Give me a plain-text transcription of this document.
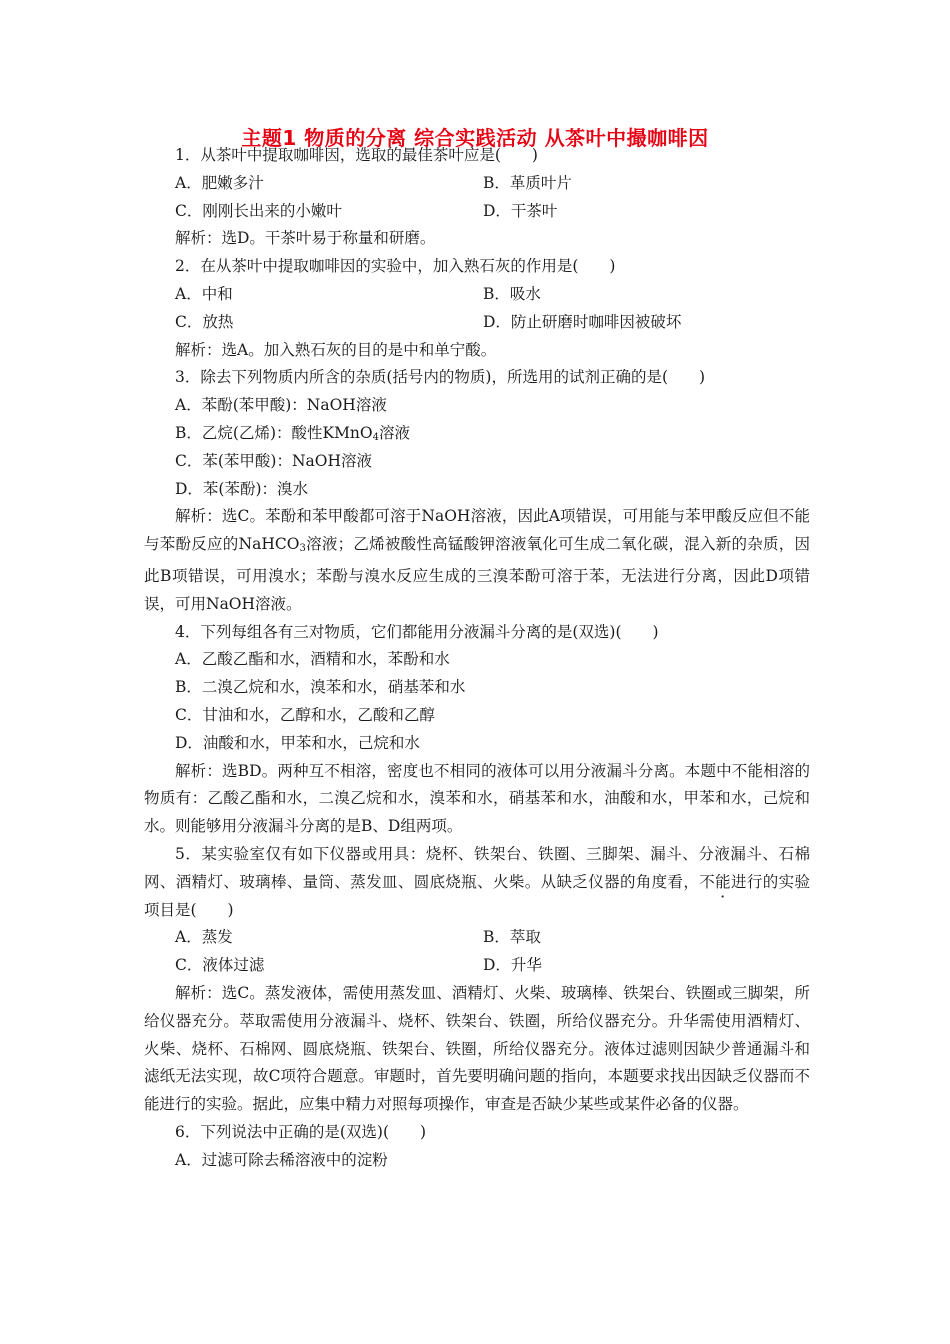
主题1 物质的分离 综合实践活动 从茶叶中撮咖啡因
1．从茶叶中提取咖啡因，选取的最佳茶叶应是(　　)
A．肥嫩多汁	B．革质叶片
C．刚刚长出来的小嫩叶	D．干茶叶
解析：选D。干茶叶易于称量和研磨。
2．在从茶叶中提取咖啡因的实验中，加入熟石灰的作用是(　　)
A．中和	B．吸水
C．放热	D．防止研磨时咖啡因被破坏
解析：选A。加入熟石灰的目的是中和单宁酸。
3．除去下列物质内所含的杂质(括号内的物质)，所选用的试剂正确的是(　　)
A．苯酚(苯甲酸)：NaOH溶液
B．乙烷(乙烯)：酸性KMnO$_4$溶液
C．苯(苯甲酸)：NaOH溶液
D．苯(苯酚)：溴水
解析：选C。苯酚和苯甲酸都可溶于NaOH溶液，因此A项错误，可用能与苯甲酸反应但不能与苯酚反应的NaHCO$_3$溶液；乙烯被酸性高锰酸钾溶液氧化可生成二氧化碳，混入新的杂质，因此B项错误，可用溴水；苯酚与溴水反应生成的三溴苯酚可溶于苯，无法进行分离，因此D项错误，可用NaOH溶液。
4．下列每组各有三对物质，它们都能用分液漏斗分离的是(双选)(　　)
A．乙酸乙酯和水，酒精和水，苯酚和水
B．二溴乙烷和水，溴苯和水，硝基苯和水
C．甘油和水，乙醇和水，乙酸和乙醇
D．油酸和水，甲苯和水，己烷和水
解析：选BD。两种互不相溶，密度也不相同的液体可以用分液漏斗分离。本题中不能相溶的物质有：乙酸乙酯和水，二溴乙烷和水，溴苯和水，硝基苯和水，油酸和水，甲苯和水，己烷和水。则能够用分液漏斗分离的是B、D组两项。
5．某实验室仅有如下仪器或用具：烧杯、铁架台、铁圈、三脚架、漏斗、分液漏斗、石棉网、酒精灯、玻璃棒、量筒、蒸发皿、圆底烧瓶、火柴。从缺乏仪器的角度看，不能进行的实验项目是(　　)
A．蒸发	B．萃取
C．液体过滤	D．升华
解析：选C。蒸发液体，需使用蒸发皿、酒精灯、火柴、玻璃棒、铁架台、铁圈或三脚架，所给仪器充分。萃取需使用分液漏斗、烧杯、铁架台、铁圈，所给仪器充分。升华需使用酒精灯、火柴、烧杯、石棉网、圆底烧瓶、铁架台、铁圈，所给仪器充分。液体过滤则因缺少普通漏斗和滤纸无法实现，故C项符合题意。审题时，首先要明确问题的指向，本题要求找出因缺乏仪器而不能进行的实验。据此，应集中精力对照每项操作，审查是否缺少某些或某件必备的仪器。
6．下列说法中正确的是(双选)(　　)
A．过滤可除去稀溶液中的淀粉
